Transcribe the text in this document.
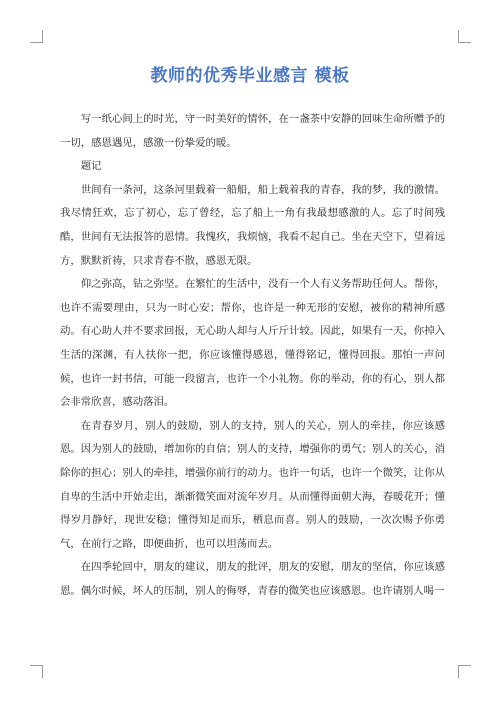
教师的优秀毕业感言 模板

写一纸心间上的时光，守一时美好的情怀，在一盏茶中安静的回味生命所赠予的一切，感恩遇见，感激一份挚爱的暖。

题记

世间有一条河，这条河里载着一船船，船上载着我的青春，我的梦，我的激情。我尽情狂欢，忘了初心，忘了曾经，忘了船上一角有我最想感激的人。忘了时间残酷，世间有无法报答的恩情。我愧疚，我烦恼，我看不起自己。坐在天空下，望着远方，默默祈祷，只求青春不散，感恩无限。

仰之弥高，钻之弥坚。在繁忙的生活中，没有一个人有义务帮助任何人。帮你，也许不需要理由，只为一时心安；帮你，也许是一种无形的安慰，被你的精神所感动。有心助人并不要求回报，无心助人却与人斤斤计较。因此，如果有一天，你掉入生活的深渊，有人扶你一把，你应该懂得感恩，懂得铭记，懂得回报。那怕一声问候，也许一封书信，可能一段留言，也许一个小礼物。你的举动，你的有心，别人都会非常欣喜，感动落泪。

在青春岁月，别人的鼓励，别人的支持，别人的关心，别人的牵挂，你应该感恩。因为别人的鼓励，增加你的自信；别人的支持，增强你的勇气；别人的关心，消除你的担心；别人的牵挂，增强你前行的动力。也许一句话，也许一个微笑，让你从自卑的生活中开始走出，渐渐微笑面对流年岁月。从而懂得面朝大海，春暖花开；懂得岁月静好，现世安稳；懂得知足而乐，栖息而喜。别人的鼓励，一次次赐予你勇气，在前行之路，即便曲折，也可以坦荡而去。

在四季轮回中，朋友的建议，朋友的批评，朋友的安慰，朋友的坚信，你应该感恩。偶尔时候，坏人的压制，别人的侮辱，青春的微笑也应该感恩。也许请别人喝一
